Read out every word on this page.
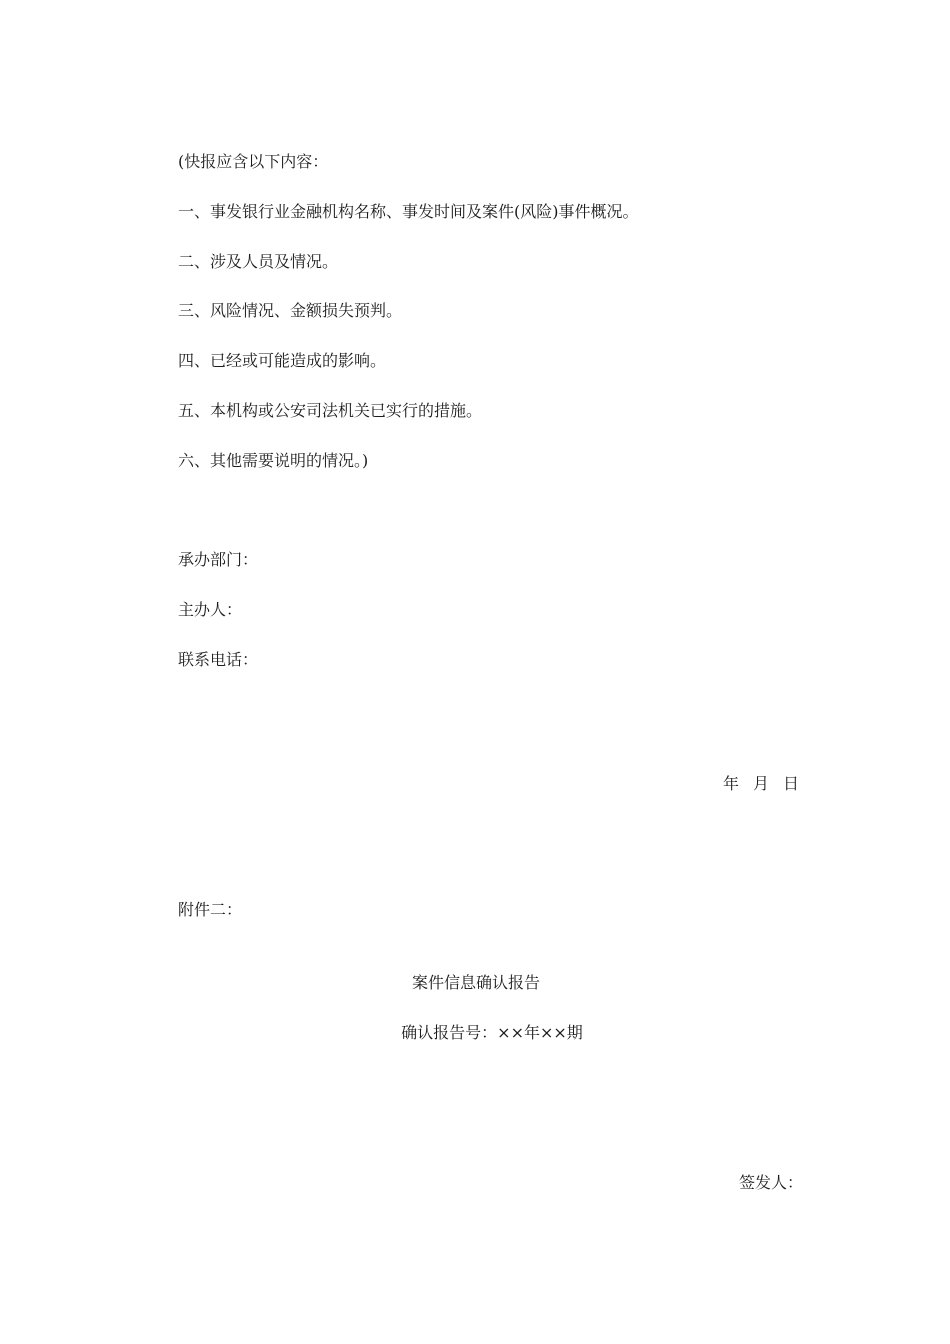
(快报应含以下内容：
一、事发银行业金融机构名称、事发时间及案件(风险)事件概况。
二、涉及人员及情况。
三、风险情况、金额损失预判。
四、已经或可能造成的影响。
五、本机构或公安司法机关已实行的措施。
六、其他需要说明的情况。)
承办部门：
主办人：
联系电话：
年 月 日
附件二：
案件信息确认报告
确认报告号：××年××期
签发人：
